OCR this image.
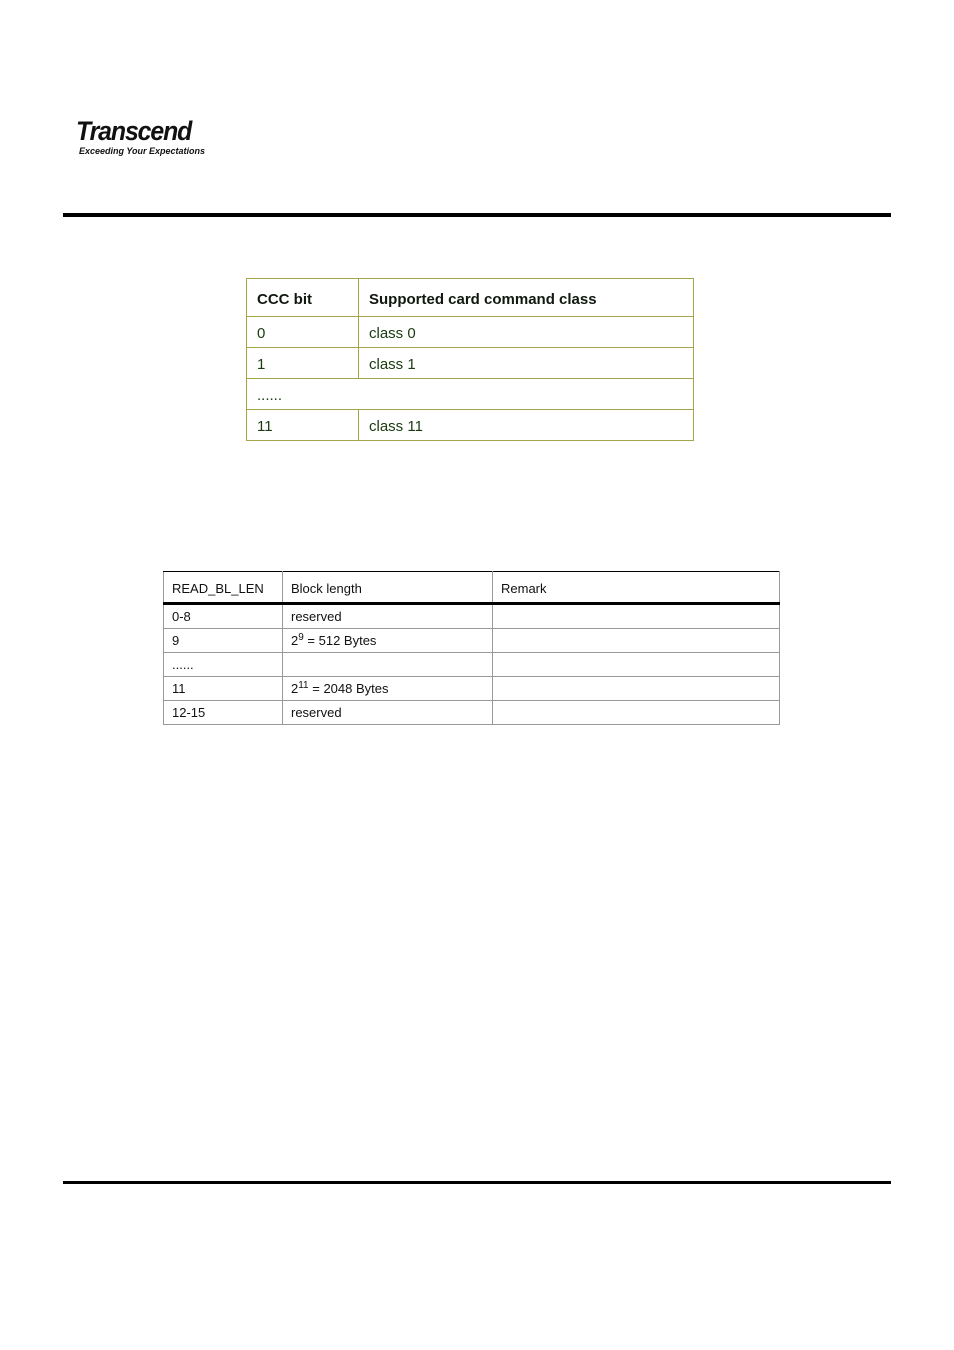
Transcend
Exceeding Your Expectations
CCC bit	Supported card command class
0	class 0
1	class 1
......	
11	class 11
READ_BL_LEN	Block length	Remark
0-8	reserved	
9	$2^9 = 512$ Bytes	
......		
11	$2^{11} = 2048$ Bytes	
12-15	reserved	
